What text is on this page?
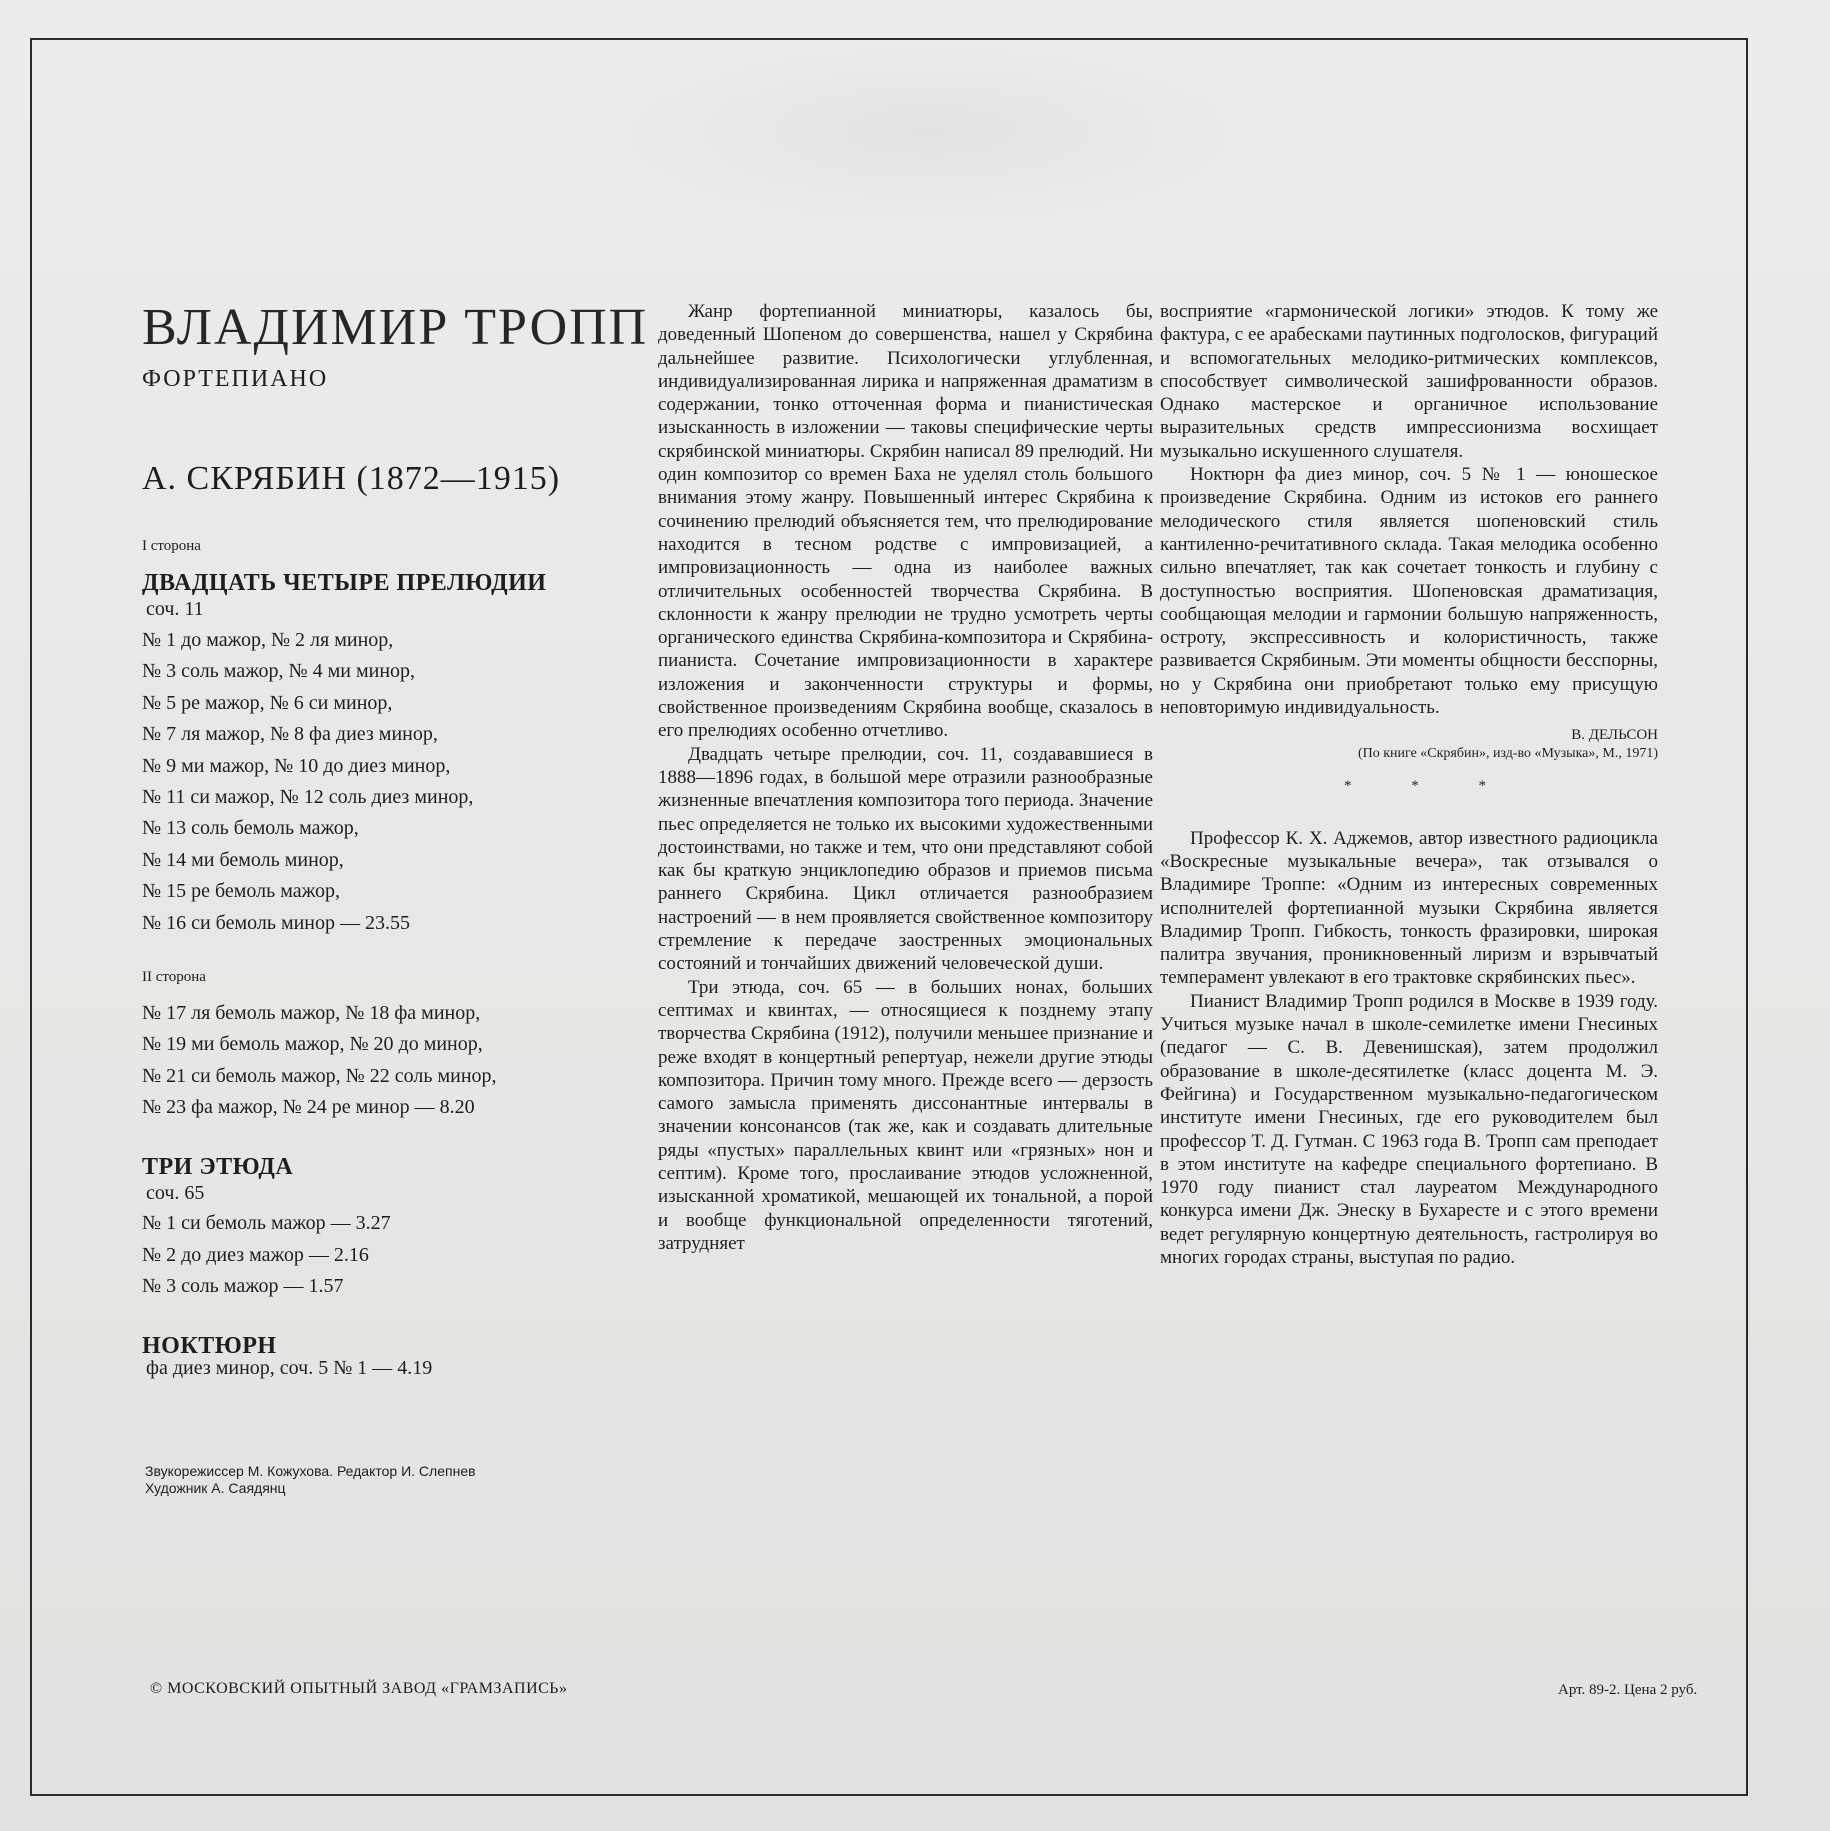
ВЛАДИМИР ТРОПП
ФОРТЕПИАНО
А. СКРЯБИН (1872—1915)
I сторона
ДВАДЦАТЬ ЧЕТЫРЕ ПРЕЛЮДИИ
соч. 11
№ 1 до мажор, № 2 ля минор,
№ 3 соль мажор, № 4 ми минор,
№ 5 ре мажор, № 6 си минор,
№ 7 ля мажор, № 8 фа диез минор,
№ 9 ми мажор, № 10 до диез минор,
№ 11 си мажор, № 12 соль диез минор,
№ 13 соль бемоль мажор,
№ 14 ми бемоль минор,
№ 15 ре бемоль мажор,
№ 16 си бемоль минор — 23.55
II сторона
№ 17 ля бемоль мажор, № 18 фа минор,
№ 19 ми бемоль мажор, № 20 до минор,
№ 21 си бемоль мажор, № 22 соль минор,
№ 23 фа мажор, № 24 ре минор — 8.20
ТРИ ЭТЮДА
соч. 65
№ 1 си бемоль мажор — 3.27
№ 2 до диез мажор — 2.16
№ 3 соль мажор — 1.57
НОКТЮРН
фа диез минор, соч. 5 № 1 — 4.19
Звукорежиссер М. Кожухова. Редактор И. Слепнев
Художник А. Саядянц

Жанр фортепианной миниатюры, казалось бы, доведенный Шопеном до совершенства, нашел у Скрябина дальнейшее развитие. Психологически углубленная, индивидуализированная лирика и напряженная драматизм в содержании, тонко отточенная форма и пианистическая изысканность в изложении — таковы специфические черты скрябинской миниатюры. Скрябин написал 89 прелюдий. Ни один композитор со времен Баха не уделял столь большого внимания этому жанру. Повышенный интерес Скрябина к сочинению прелюдий объясняется тем, что прелюдирование находится в тесном родстве с импровизацией, а импровизационность — одна из наиболее важных отличительных особенностей творчества Скрябина. В склонности к жанру прелюдии не трудно усмотреть черты органического единства Скрябина-композитора и Скрябина-пианиста. Сочетание импровизационности в характере изложения и законченности структуры и формы, свойственное произведениям Скрябина вообще, сказалось в его прелюдиях особенно отчетливо.

Двадцать четыре прелюдии, соч. 11, создававшиеся в 1888—1896 годах, в большой мере отразили разнообразные жизненные впечатления композитора того периода. Значение пьес определяется не только их высокими художественными достоинствами, но также и тем, что они представляют собой как бы краткую энциклопедию образов и приемов письма раннего Скрябина. Цикл отличается разнообразием настроений — в нем проявляется свойственное композитору стремление к передаче заостренных эмоциональных состояний и тончайших движений человеческой души.

Три этюда, соч. 65 — в больших нонах, больших септимах и квинтах, — относящиеся к позднему этапу творчества Скрябина (1912), получили меньшее признание и реже входят в концертный репертуар, нежели другие этюды композитора. Причин тому много. Прежде всего — дерзость самого замысла применять диссонантные интервалы в значении консонансов (так же, как и создавать длительные ряды «пустых» параллельных квинт или «грязных» нон и септим). Кроме того, прослаивание этюдов усложненной, изысканной хроматикой, мешающей их тональной, а порой и вообще функциональной определенности тяготений, затрудняет

восприятие «гармонической логики» этюдов. К тому же фактура, с ее арабесками паутинных подголосков, фигураций и вспомогательных мелодико-ритмических комплексов, способствует символической зашифрованности образов. Однако мастерское и органичное использование выразительных средств импрессионизма восхищает музыкально искушенного слушателя.

Ноктюрн фа диез минор, соч. 5 № 1 — юношеское произведение Скрябина. Одним из истоков его раннего мелодического стиля является шопеновский стиль кантиленно-речитативного склада. Такая мелодика особенно сильно впечатляет, так как сочетает тонкость и глубину с доступностью восприятия. Шопеновская драматизация, сообщающая мелодии и гармонии большую напряженность, остроту, экспрессивность и колористичность, также развивается Скрябиным. Эти моменты общности бесспорны, но у Скрябина они приобретают только ему присущую неповторимую индивидуальность.

В. ДЕЛЬСОН
(По книге «Скрябин», изд-во «Музыка», М., 1971)
* * *

Профессор К. Х. Аджемов, автор известного радиоцикла «Воскресные музыкальные вечера», так отзывался о Владимире Троппе: «Одним из интересных современных исполнителей фортепианной музыки Скрябина является Владимир Тропп. Гибкость, тонкость фразировки, широкая палитра звучания, проникновенный лиризм и взрывчатый темперамент увлекают в его трактовке скрябинских пьес».

Пианист Владимир Тропп родился в Москве в 1939 году. Учиться музыке начал в школе-семилетке имени Гнесиных (педагог — С. В. Девенишская), затем продолжил образование в школе-десятилетке (класс доцента М. Э. Фейгина) и Государственном музыкально-педагогическом институте имени Гнесиных, где его руководителем был профессор Т. Д. Гутман. С 1963 года В. Тропп сам преподает в этом институте на кафедре специального фортепиано. В 1970 году пианист стал лауреатом Международного конкурса имени Дж. Энеску в Бухаресте и с этого времени ведет регулярную концертную деятельность, гастролируя во многих городах страны, выступая по радио.

© МОСКОВСКИЙ ОПЫТНЫЙ ЗАВОД «ГРАМЗАПИСЬ»	Арт. 89-2. Цена 2 руб.
